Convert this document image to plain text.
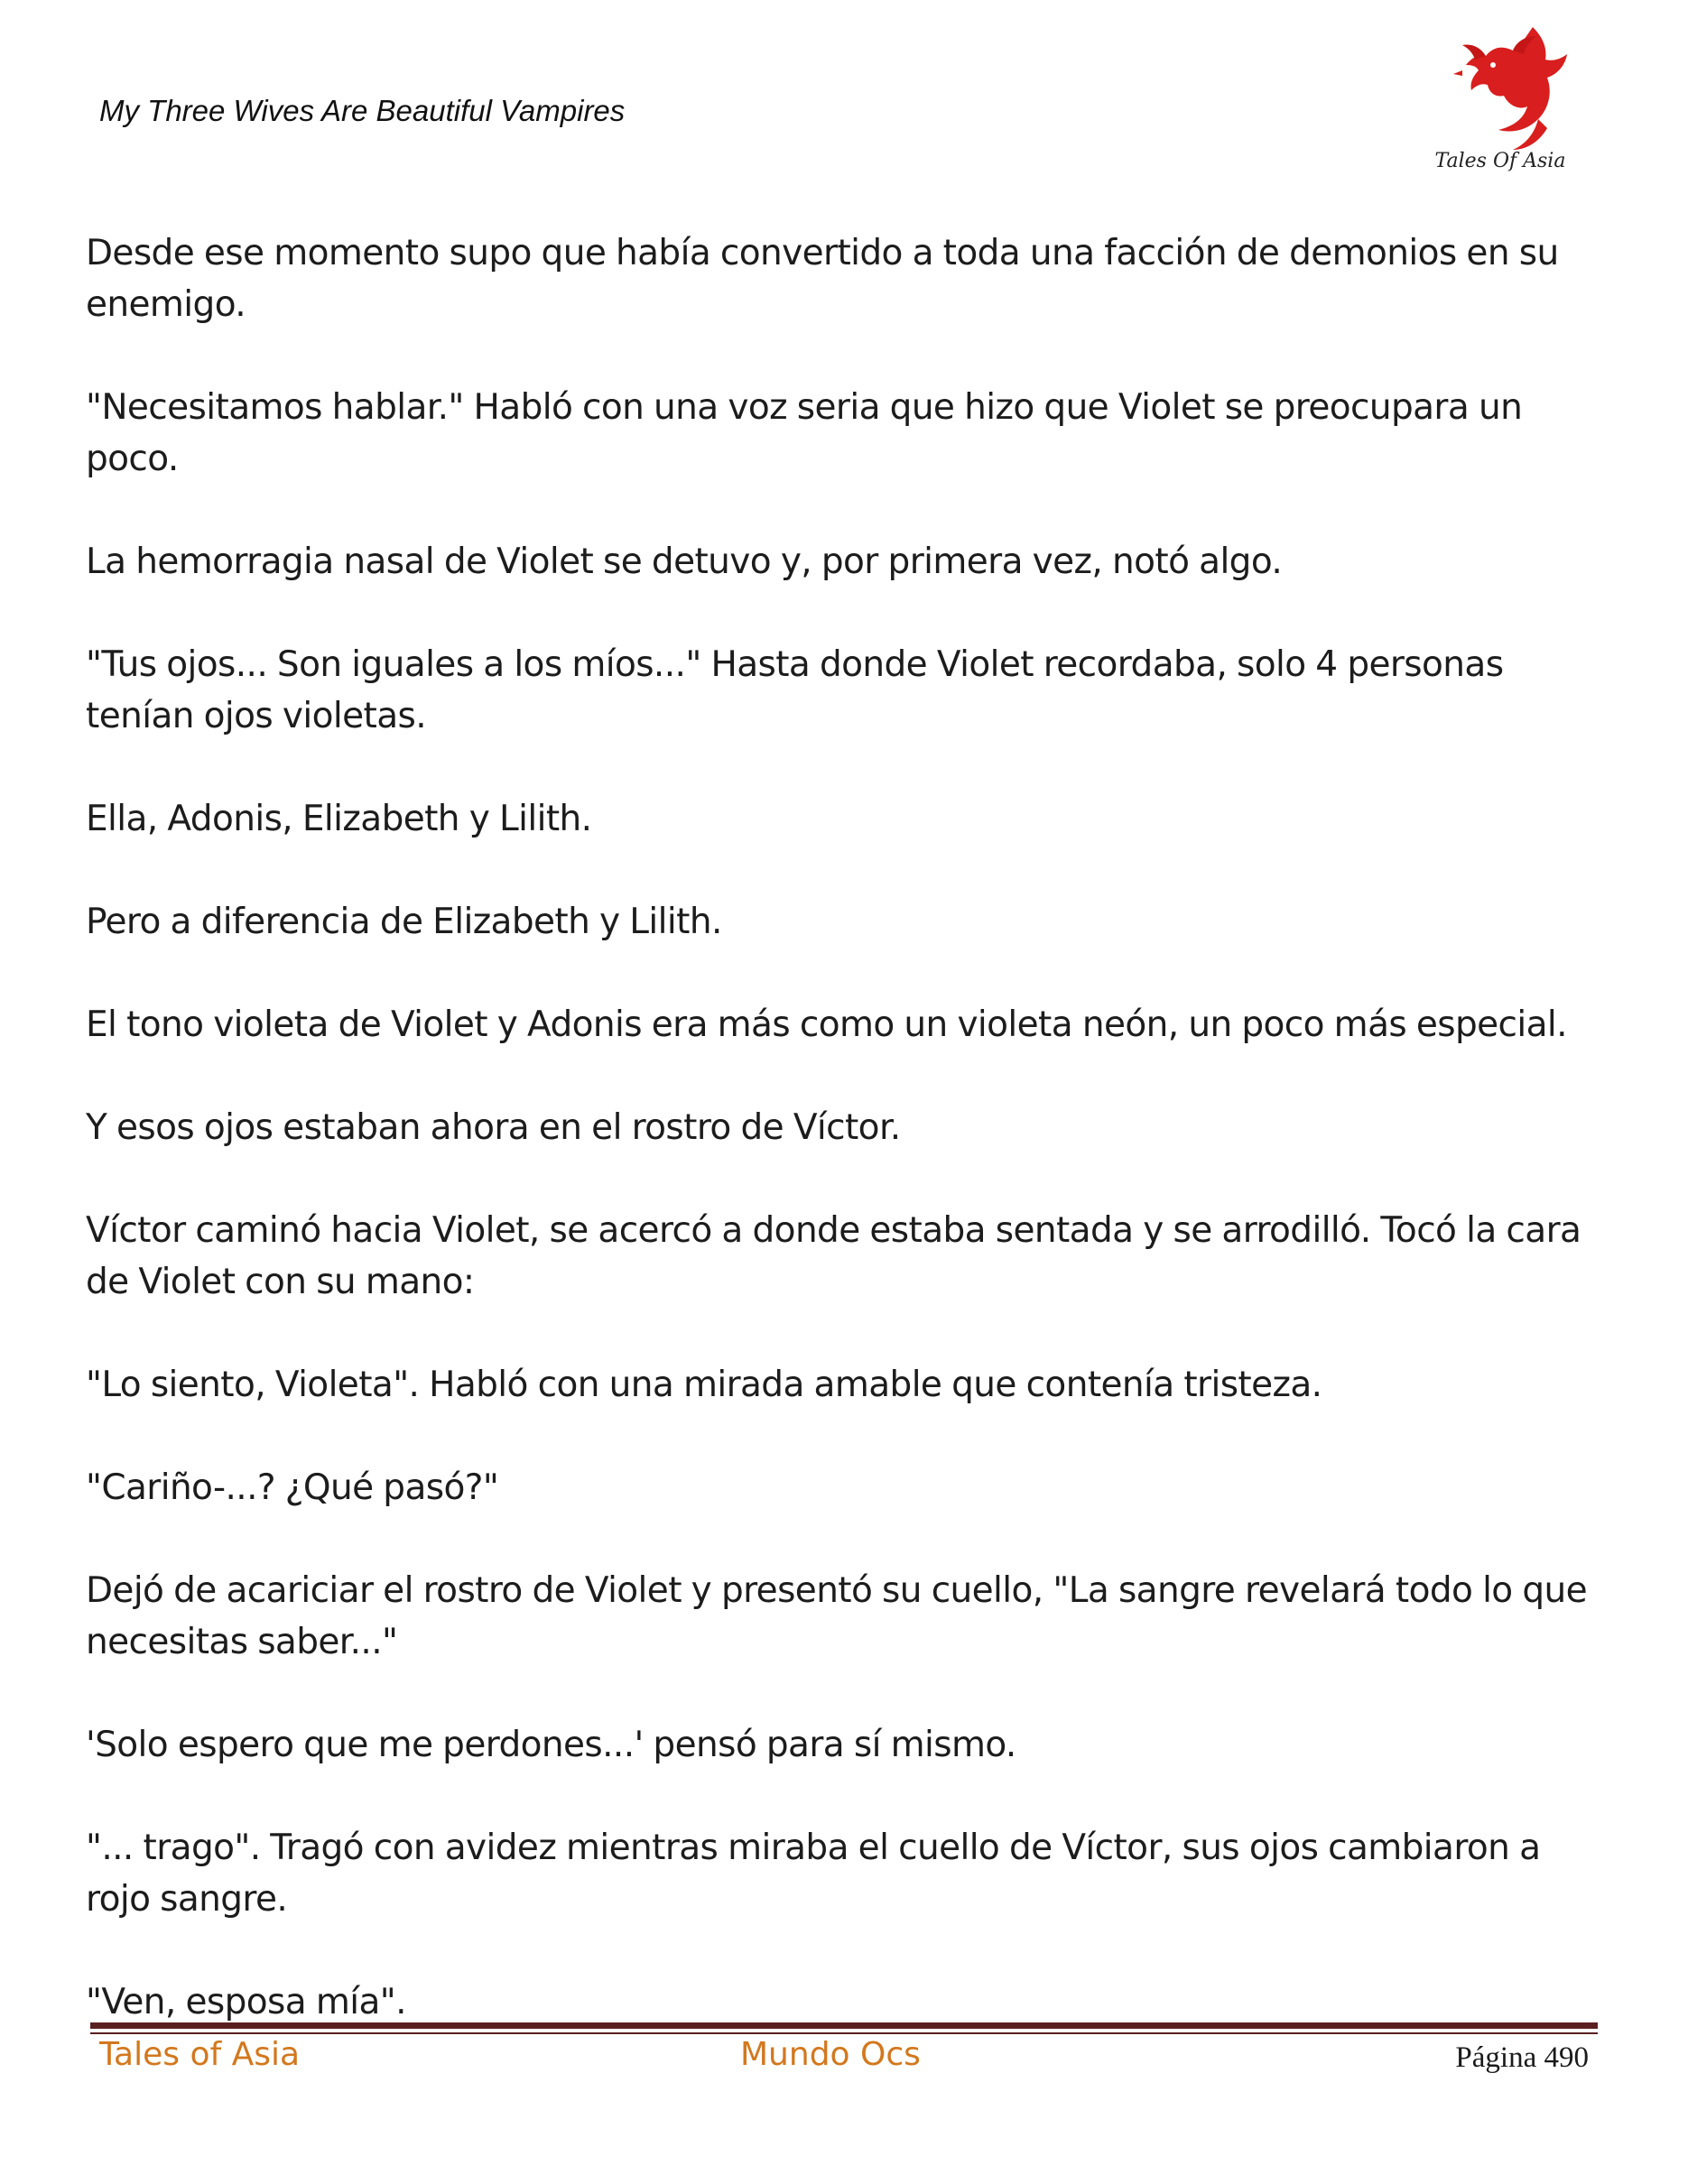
My Three Wives Are Beautiful Vampires
Tales Of Asia

Desde ese momento supo que había convertido a toda una facción de demonios en su enemigo.

"Necesitamos hablar." Habló con una voz seria que hizo que Violet se preocupara un poco.

La hemorragia nasal de Violet se detuvo y, por primera vez, notó algo.

"Tus ojos... Son iguales a los míos..." Hasta donde Violet recordaba, solo 4 personas tenían ojos violetas.

Ella, Adonis, Elizabeth y Lilith.

Pero a diferencia de Elizabeth y Lilith.

El tono violeta de Violet y Adonis era más como un violeta neón, un poco más especial.

Y esos ojos estaban ahora en el rostro de Víctor.

Víctor caminó hacia Violet, se acercó a donde estaba sentada y se arrodilló. Tocó la cara de Violet con su mano:

"Lo siento, Violeta". Habló con una mirada amable que contenía tristeza.

"Cariño-...? ¿Qué pasó?"

Dejó de acariciar el rostro de Violet y presentó su cuello, "La sangre revelará todo lo que necesitas saber..."

'Solo espero que me perdones...' pensó para sí mismo.

"... trago". Tragó con avidez mientras miraba el cuello de Víctor, sus ojos cambiaron a rojo sangre.

"Ven, esposa mía".

Tales of Asia	Mundo Ocs	Página 490
